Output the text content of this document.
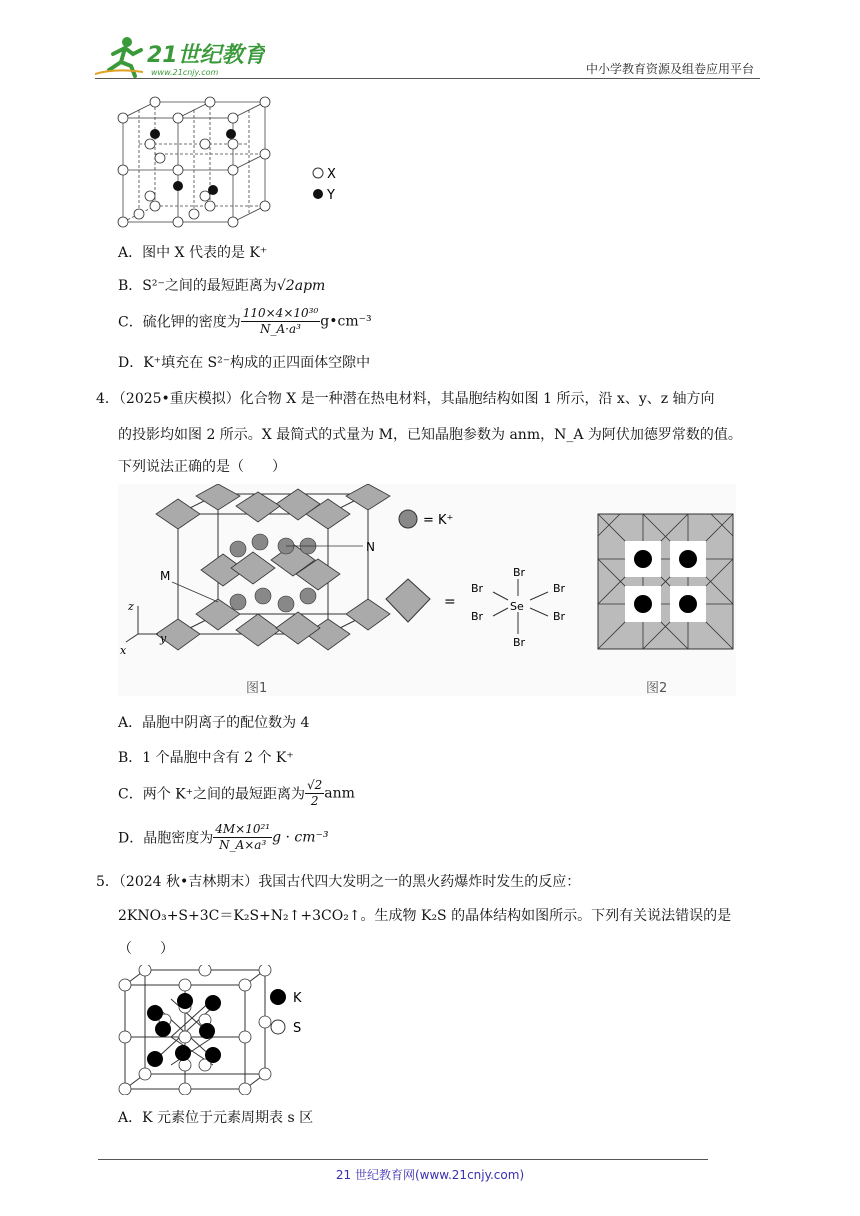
21世纪教育
www.21cnjy.com	中小学教育资源及组卷应用平台
X
Y
A．图中 X 代表的是 K⁺
B．S²⁻之间的最短距离为√2apm
C．硫化钾的密度为 $\frac{\text{110×4×10³⁰}}{\text{N\_A·a³}}$ g•cm⁻³
D．K⁺填充在 S²⁻构成的正四面体空隙中
4．（2025•重庆模拟）化合物 X 是一种潜在热电材料，其晶胞结构如图 1 所示，沿 x、y、z 轴方向
的投影均如图 2 所示。X 最简式的式量为 M，已知晶胞参数为 anm，N_A 为阿伏加德罗常数的值。
下列说法正确的是（　　）
N
M
z
y
x
= K⁺
=
Br
Br	Br
Se
Br	Br
Br
图1	图2
A．晶胞中阴离子的配位数为 4
B．1 个晶胞中含有 2 个 K⁺
C．两个 K⁺之间的最短距离为 $\frac{√2}{2}$ anm
D．晶胞密度为 $\frac{\text{4M×10²¹}}{\text{N\_A×a³}}$ g · cm⁻³
5．（2024 秋•吉林期末）我国古代四大发明之一的黑火药爆炸时发生的反应：
2KNO₃+S+3C＝K₂S+N₂↑+3CO₂↑。生成物 K₂S 的晶体结构如图所示。下列有关说法错误的是
（　　）
K
S
A．K 元素位于元素周期表 s 区
21 世纪教育网(www.21cnjy.com)
